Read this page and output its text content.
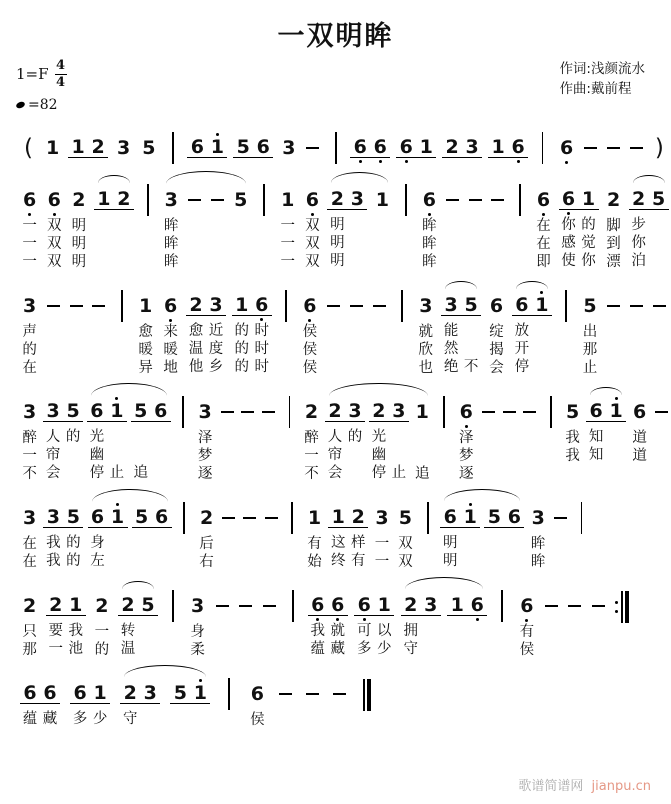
一双明眸
$1=F \frac{4}{4}$
=82
作词:浅颜流水
作曲:戴前程
( 1 1 2 3 5 6 1 5 6 3	6 6 6 1 2 3 1 6 6	)
6
一
一
一
6
双
双
双
2
明
明
明
1 2 3
眸
眸
眸
5 1
一
一
一
6
双
双
双
2
明
明
明
3 1 6
眸
眸
眸
6
在
在
即
6
你
感
使
1
的
觉
你
2
脚
到
漂
2
步
你
泊
5
3
声
的
在
1
愈
暖
异
6
来
暖
地
2
愈
温
他
3
近
度
乡
1
的
的
的
6
时
时
时
6
侯
侯
侯
3
就
欣
也
3
能
然
绝
5
不
6
绽
揭
会
6
放
开
停
1 5
出
那
止
3
醉
一
不
3
人
帘
会
5
的
6
光
幽
停
1
止
5
追
6 3
泽
梦
逐
2
醉
一
不
2
人
帘
会
3
的
2
光
幽
停
3
止
1
追
6
泽
梦
逐
5
我
我
6
知
知
1 6
道
道
3
在
在
3
我
我
5
的
的
6
身
左
1 5 6 2
后
右
1
有
始
1
这
终
2
样
有
3
一
一
5
双
双
6
明
明
1 5 6 3
眸
眸
2
只
那
2
要
一
1
我
池
2
一
的
2
转
温
5 3
身
柔
6
我
蕴
6
就
藏
6
可
多
1
以
少
2
拥
守
3 1 6 6
有
侯
6
蕴
6
藏
6
多
1
少
2
守
3 5 1 6
侯
歌谱简谱网 jianpu.cn
